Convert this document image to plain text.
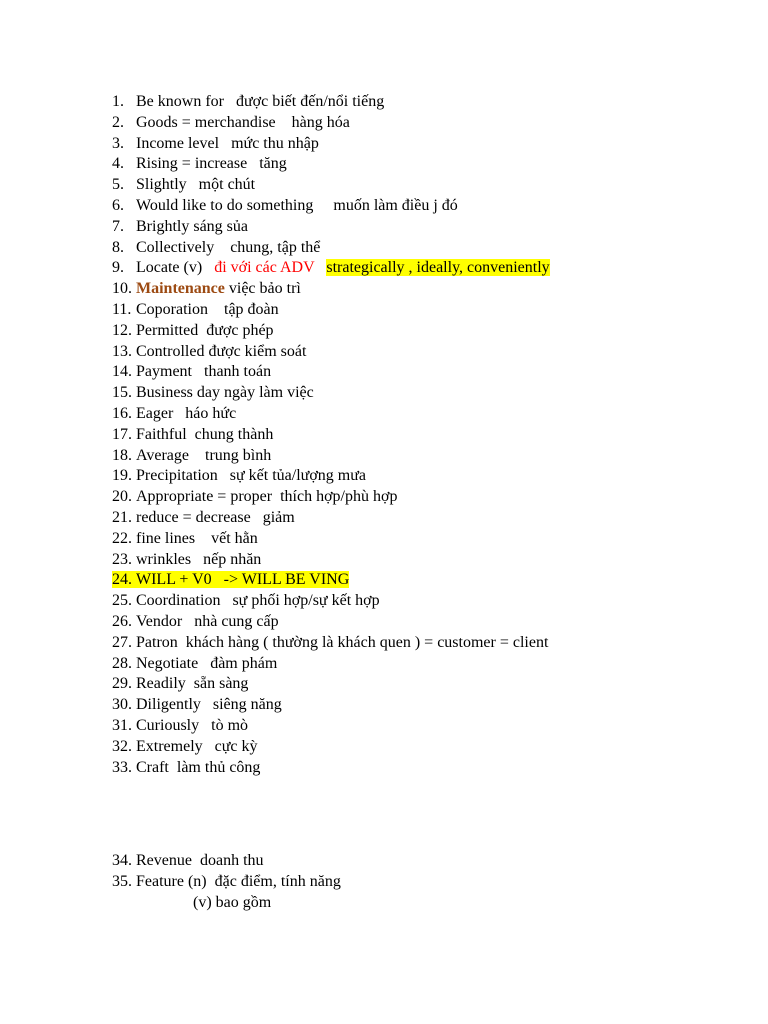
1. Be known for   được biết đến/nổi tiếng
2. Goods = merchandise    hàng hóa
3. Income level   mức thu nhập
4. Rising = increase   tăng
5. Slightly   một chút
6. Would like to do something     muốn làm điều j đó
7. Brightly sáng sủa
8. Collectively    chung, tập thể
9. Locate (v)   đi với các ADV strategically , ideally, conveniently
10. Maintenance việc bảo trì
11. Coporation    tập đoàn
12. Permitted  được phép
13. Controlled được kiểm soát
14. Payment   thanh toán
15. Business day ngày làm việc
16. Eager   háo hức
17. Faithful  chung thành
18. Average    trung bình
19. Precipitation   sự kết tủa/lượng mưa
20. Appropriate = proper  thích hợp/phù hợp
21. reduce = decrease   giảm
22. fine lines    vết hằn
23. wrinkles   nếp nhăn
24. WILL + V0   -> WILL BE VING
25. Coordination   sự phối hợp/sự kết hợp
26. Vendor   nhà cung cấp
27. Patron  khách hàng ( thường là khách quen ) = customer = client
28. Negotiate   đàm phám
29. Readily  sẵn sàng
30. Diligently   siêng năng
31. Curiously   tò mò
32. Extremely   cực kỳ
33. Craft  làm thủ công
34. Revenue  doanh thu
35. Feature (n)  đặc điểm, tính năng
(v) bao gồm
